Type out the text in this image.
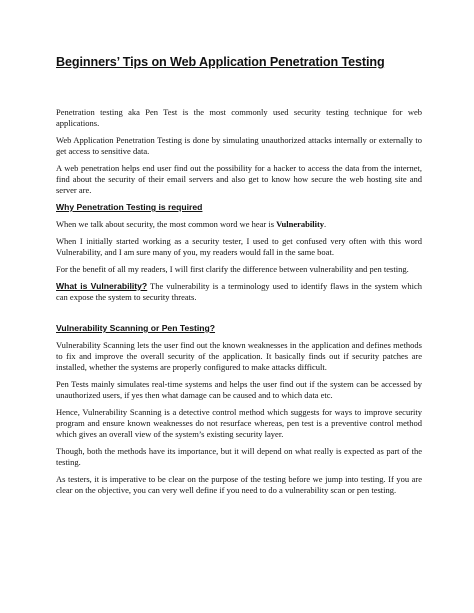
Beginners’ Tips on Web Application Penetration Testing

Penetration testing aka Pen Test is the most commonly used security testing technique for web applications.

Web Application Penetration Testing is done by simulating unauthorized attacks internally or externally to get access to sensitive data.

A web penetration helps end user find out the possibility for a hacker to access the data from the internet, find about the security of their email servers and also get to know how secure the web hosting site and server are.

Why Penetration Testing is required

When we talk about security, the most common word we hear is Vulnerability.

When I initially started working as a security tester, I used to get confused very often with this word Vulnerability, and I am sure many of you, my readers would fall in the same boat.

For the benefit of all my readers, I will first clarify the difference between vulnerability and pen testing.

What is Vulnerability? The vulnerability is a terminology used to identify flaws in the system which can expose the system to security threats.

Vulnerability Scanning or Pen Testing?

Vulnerability Scanning lets the user find out the known weaknesses in the application and defines methods to fix and improve the overall security of the application. It basically finds out if security patches are installed, whether the systems are properly configured to make attacks difficult.

Pen Tests mainly simulates real-time systems and helps the user find out if the system can be accessed by unauthorized users, if yes then what damage can be caused and to which data etc.

Hence, Vulnerability Scanning is a detective control method which suggests for ways to improve security program and ensure known weaknesses do not resurface whereas, pen test is a preventive control method which gives an overall view of the system’s existing security layer.

Though, both the methods have its importance, but it will depend on what really is expected as part of the testing.

As testers, it is imperative to be clear on the purpose of the testing before we jump into testing. If you are clear on the objective, you can very well define if you need to do a vulnerability scan or pen testing.
